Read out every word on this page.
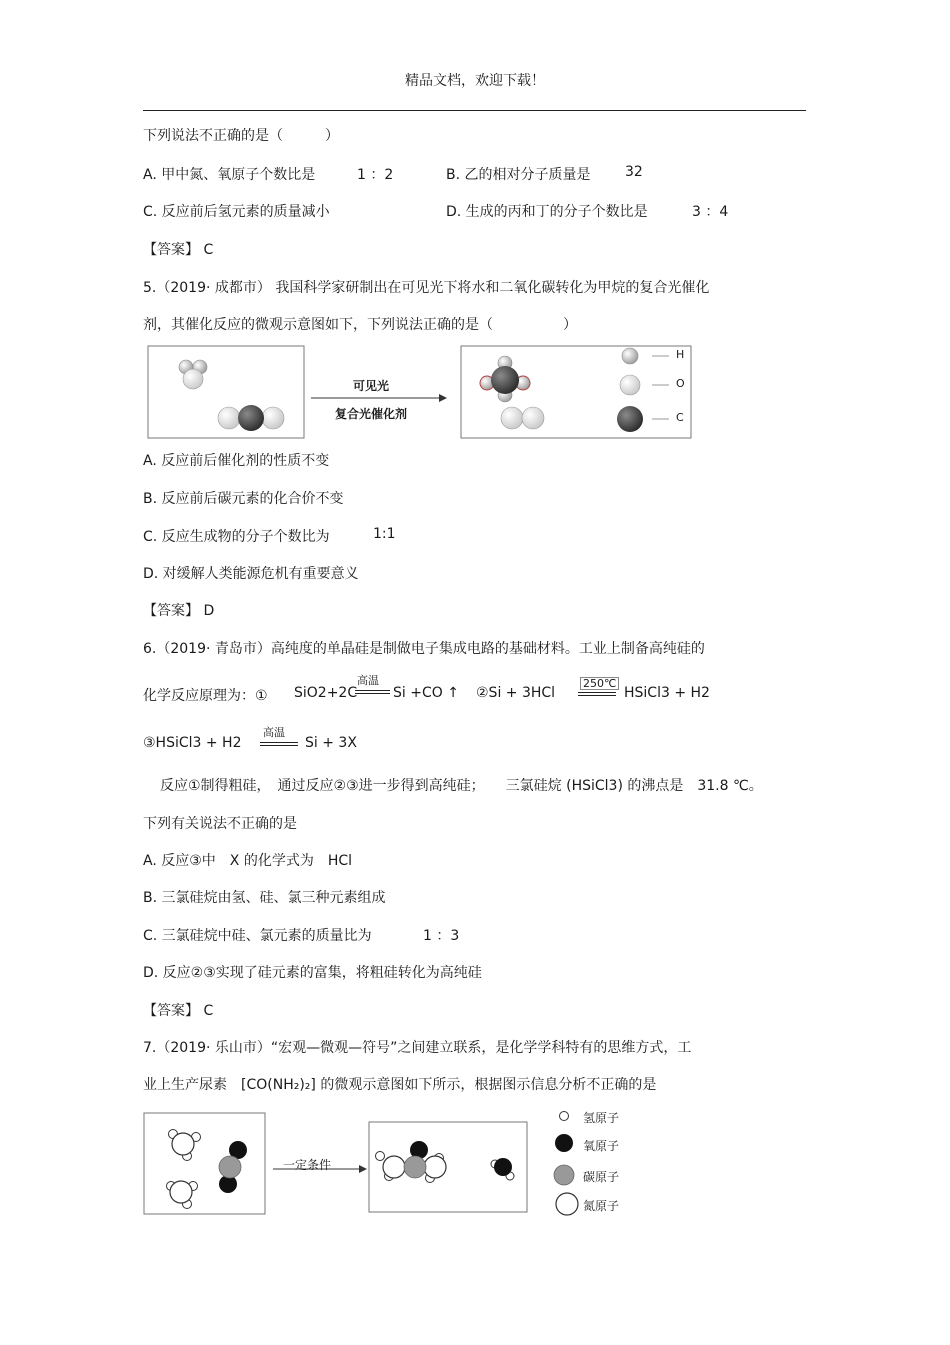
精品文档，欢迎下载！
下列说法不正确的是（　　　）
A. 甲中氮、氧原子个数比是	1 ：2	B. 乙的相对分子质量是 32
C. 反应前后氢元素的质量减小	D. 生成的丙和丁的分子个数比是	3 ：4
【答案】 C
5.（2019· 成都市） 我国科学家研制出在可见光下将水和二氧化碳转化为甲烷的复合光催化
剂，其催化反应的微观示意图如下，下列说法正确的是（　　　　　）
可见光
复合光催化剂
H
O
C
A. 反应前后催化剂的性质不变
B. 反应前后碳元素的化合价不变
C. 反应生成物的分子个数比为	1:1
D. 对缓解人类能源危机有重要意义
【答案】 D
6.（2019· 青岛市）高纯度的单晶硅是制做电子集成电路的基础材料。工业上制备高纯硅的
化学反应原理为：① SiO2+2C
高温
Si +CO ↑ ②Si + 3HCl
250℃
HSiCl3 + H2
③HSiCl3 + H2
高温
Si + 3X
反应①制得粗硅，　通过反应②③进一步得到高纯硅；　　三氯硅烷 (HSiCl3) 的沸点是　31.8 ℃。
下列有关说法不正确的是
A. 反应③中　X 的化学式为　HCl
B. 三氯硅烷由氢、硅、氯三种元素组成
C. 三氯硅烷中硅、氯元素的质量比为	1 ：3
D. 反应②③实现了硅元素的富集，将粗硅转化为高纯硅
【答案】 C
7.（2019· 乐山市）“宏观—微观—符号”之间建立联系，是化学学科特有的思维方式，工
业上生产尿素　[CO(NH₂)₂] 的微观示意图如下所示，根据图示信息分析不正确的是
一定条件
氢原子
氧原子
碳原子
氮原子
